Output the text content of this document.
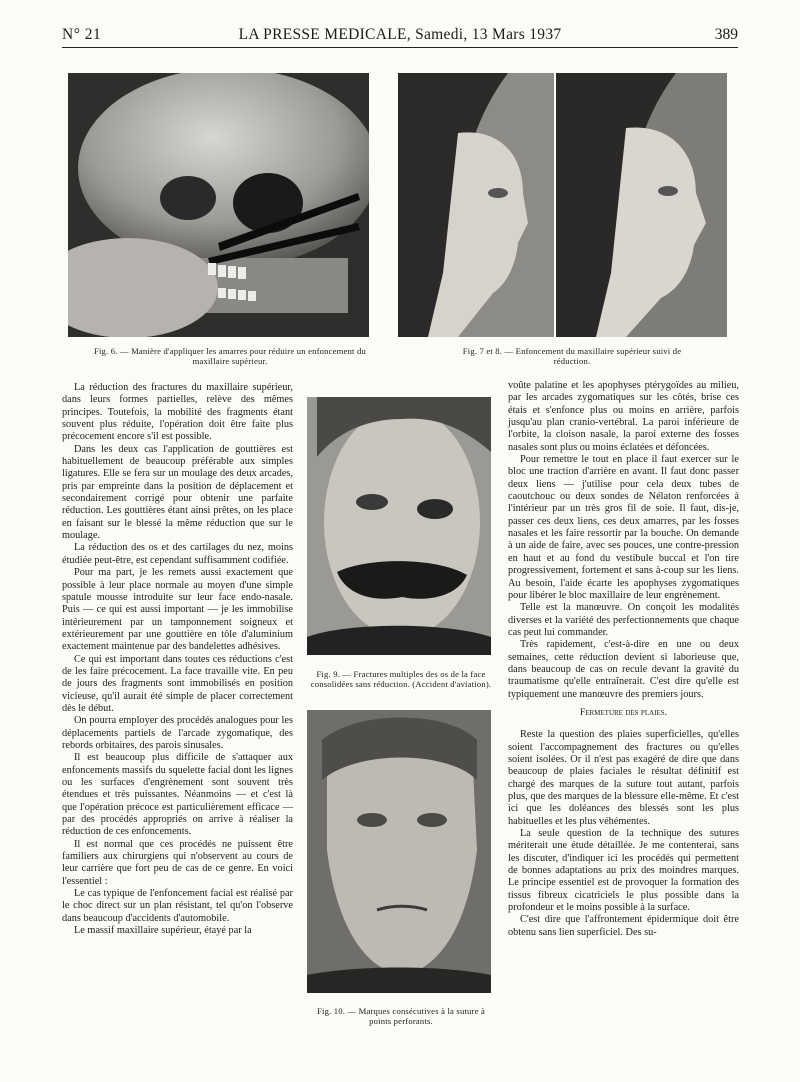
N° 21	LA PRESSE MEDICALE, Samedi, 13 Mars 1937	389
Fig. 6. — Manière d'appliquer les amarres pour réduire un enfoncement du maxillaire supérieur.
Fig. 7 et 8. — Enfoncement du maxillaire supérieur suivi de réduction.

La réduction des fractures du maxillaire supérieur, dans leurs formes partielles, relève des mêmes principes. Toutefois, la mobilité des fragments étant souvent plus réduite, l'opération doit être faite plus précocement encore s'il est possible.

Dans les deux cas l'application de gouttières est habituellement de beaucoup préférable aux simples ligatures. Elle se fera sur un moulage des deux arcades, pris par empreinte dans la position de déplacement et secondairement corrigé pour obtenir une parfaite réduction. Les gouttières étant ainsi prêtes, on les place en faisant sur le blessé la même réduction que sur le moulage.

La réduction des os et des cartilages du nez, moins étudiée peut-être, est cependant suffisamment codifiée.

Pour ma part, je les remets aussi exactement que possible à leur place normale au moyen d'une simple spatule mousse introduite sur leur face endo-nasale. Puis — ce qui est aussi important — je les immobilise intérieurement par un tamponnement soigneux et extérieurement par une gouttière en tôle d'aluminium exactement maintenue par des bandelettes adhésives.

Ce qui est important dans toutes ces réductions c'est de les faire précocement. La face travaille vite. En peu de jours des fragments sont immobilisés en position vicieuse, qu'il aurait été simple de placer correctement dès le début.

On pourra employer des procédés analogues pour les déplacements partiels de l'arcade zygomatique, des rebords orbitaires, des parois sinusales.

Il est beaucoup plus difficile de s'attaquer aux enfoncements massifs du squelette facial dont les lignes ou les surfaces d'engrènement sont souvent très étendues et très puissantes. Néanmoins — et c'est là que l'opération précoce est particulièrement efficace — par des procédés appropriés on arrive à réaliser la réduction de ces enfoncements.

Il est normal que ces procédés ne puissent être familiers aux chirurgiens qui n'observent au cours de leur carrière que fort peu de cas de ce genre. En voici l'essentiel :

Le cas typique de l'enfoncement facial est réalisé par le choc direct sur un plan résistant, tel qu'on l'observe dans beaucoup d'accidents d'automobile.

Le massif maxillaire supérieur, étayé par la

Fig. 9. — Fractures multiples des os de la face consolidées sans réduction. (Accident d'aviation).
Fig. 10. — Marques consécutives à la suture à points perforants.

voûte palatine et les apophyses ptérygoïdes au milieu, par les arcades zygomatiques sur les côtés, brise ces étais et s'enfonce plus ou moins en arrière, parfois jusqu'au plan cranio-vertébral. La paroi inférieure de l'orbite, la cloison nasale, la paroi externe des fosses nasales sont plus ou moins éclatées et défoncées.

Pour remettre le tout en place il faut exercer sur le bloc une traction d'arrière en avant. Il faut donc passer deux liens — j'utilise pour cela deux tubes de caoutchouc ou deux sondes de Nélaton renforcées à l'intérieur par un très gros fil de soie. Il faut, dis-je, passer ces deux liens, ces deux amarres, par les fosses nasales et les faire ressortir par la bouche. On demande à un aide de faire, avec ses pouces, une contre-pression en haut et au fond du vestibule buccal et l'on tire progressivement, fortement et sans à-coup sur les liens. Au besoin, l'aide écarte les apophyses zygomatiques pour libérer le bloc maxillaire de leur engrènement.

Telle est la manœuvre. On conçoit les modalités diverses et la variété des perfectionnements que chaque cas peut lui commander.

Très rapidement, c'est-à-dire en une ou deux semaines, cette réduction devient si laborieuse que, dans beaucoup de cas on recule devant la gravité du traumatisme qu'elle entraînerait. C'est dire qu'elle est typiquement une manœuvre des premiers jours.

Fermeture des plaies.

Reste la question des plaies superficielles, qu'elles soient l'accompagnement des fractures ou qu'elles soient isolées. Or il n'est pas exagéré de dire que dans beaucoup de plaies faciales le résultat définitif est chargé des marques de la suture tout autant, parfois plus, que des marques de la blessure elle-même. Et c'est ici que les doléances des blessés sont les plus habituelles et les plus véhémentes.

La seule question de la technique des sutures mériterait une étude détaillée. Je me contenterai, sans les discuter, d'indiquer ici les procédés qui permettent de bonnes adaptations au prix des moindres marques. Le principe essentiel est de provoquer la formation des tissus fibreux cicatriciels le plus possible dans la profondeur et le moins possible à la surface.

C'est dire que l'affrontement épidermique doit être obtenu sans lien superficiel. Des su-
